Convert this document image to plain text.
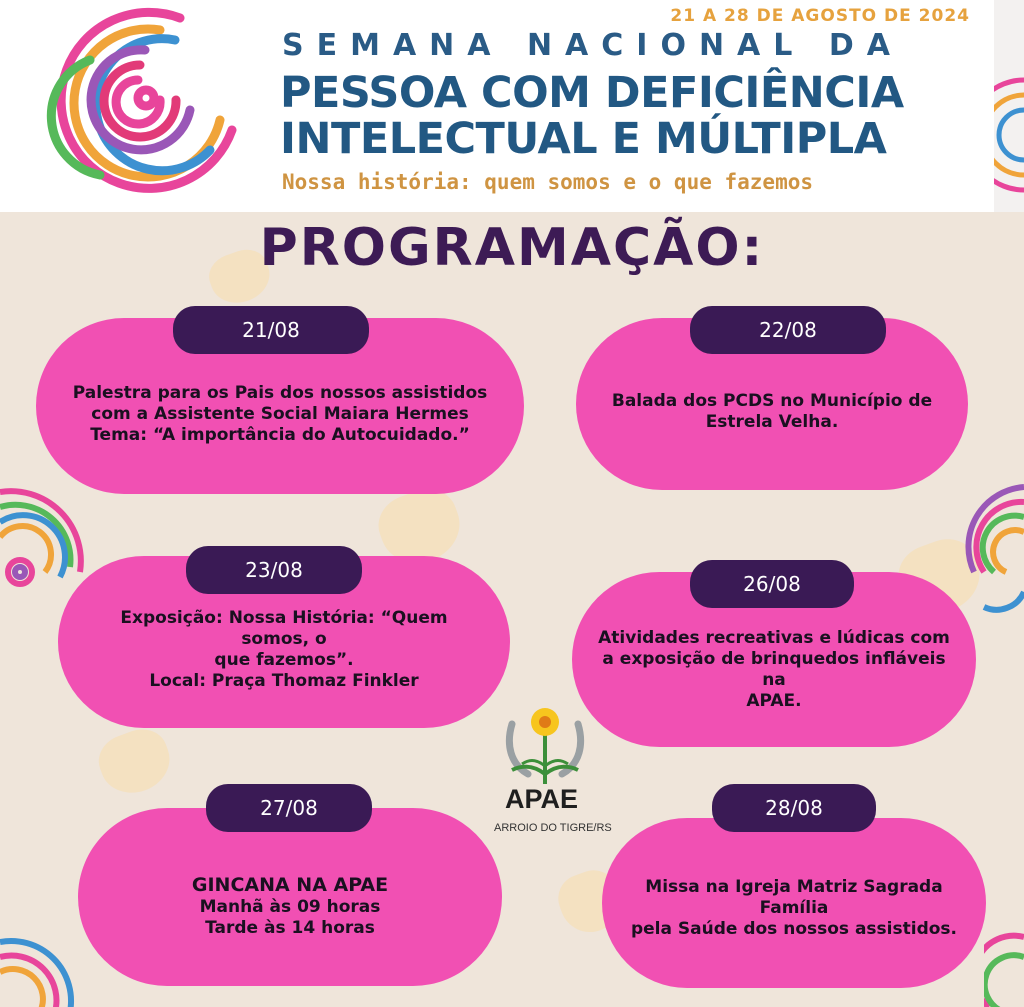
21 A 28 DE AGOSTO DE 2024
SEMANA NACIONAL DA
PESSOA COM DEFICIÊNCIA
INTELECTUAL E MÚLTIPLA
Nossa história: quem somos e o que fazemos
PROGRAMAÇÃO:
Palestra para os Pais dos nossos assistidos
com a Assistente Social Maiara Hermes
Tema: “A importância do Autocuidado.”
21/08
Balada dos PCDS no Município de
Estrela Velha.
22/08
Exposição: Nossa História: “Quem somos, o
que fazemos”.
Local: Praça Thomaz Finkler
23/08
Atividades recreativas e lúdicas com
a exposição de brinquedos infláveis na
APAE.
26/08
GINCANA NA APAE
Manhã às 09 horas
Tarde às 14 horas
27/08
Missa na Igreja Matriz Sagrada Família
pela Saúde dos nossos assistidos.
28/08
APAE
ARROIO DO TIGRE/RS
